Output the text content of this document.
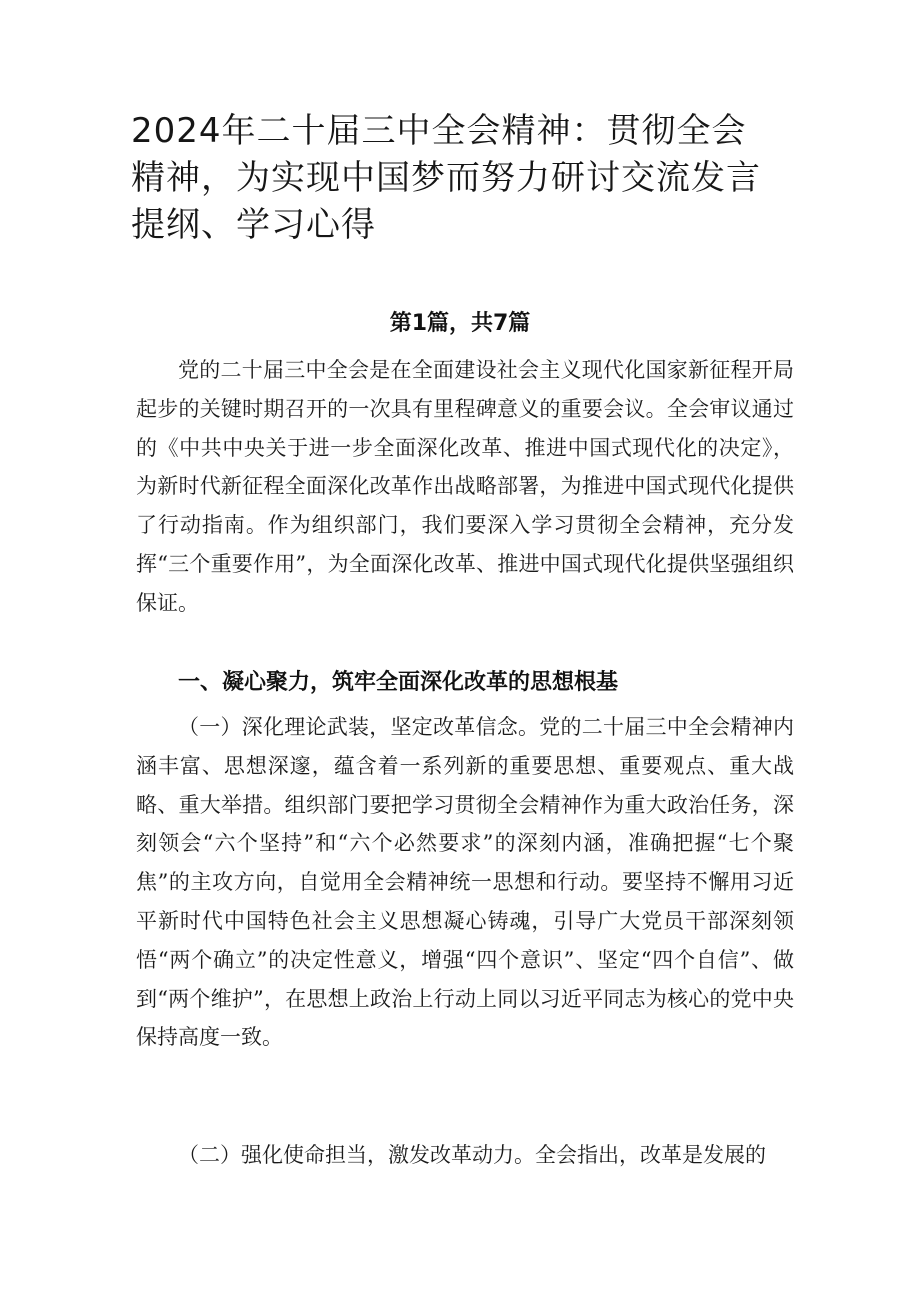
2024年二十届三中全会精神：贯彻全会精神，为实现中国梦而努力研讨交流发言提纲、学习心得
第1篇，共7篇

党的二十届三中全会是在全面建设社会主义现代化国家新征程开局起步的关键时期召开的一次具有里程碑意义的重要会议。全会审议通过的《中共中央关于进一步全面深化改革、推进中国式现代化的决定》，为新时代新征程全面深化改革作出战略部署，为推进中国式现代化提供了行动指南。作为组织部门，我们要深入学习贯彻全会精神，充分发挥“三个重要作用”，为全面深化改革、推进中国式现代化提供坚强组织保证。

一、凝心聚力，筑牢全面深化改革的思想根基

（一）深化理论武装，坚定改革信念。党的二十届三中全会精神内涵丰富、思想深邃，蕴含着一系列新的重要思想、重要观点、重大战略、重大举措。组织部门要把学习贯彻全会精神作为重大政治任务，深刻领会“六个坚持”和“六个必然要求”的深刻内涵，准确把握“七个聚焦”的主攻方向，自觉用全会精神统一思想和行动。要坚持不懈用习近平新时代中国特色社会主义思想凝心铸魂，引导广大党员干部深刻领悟“两个确立”的决定性意义，增强“四个意识”、坚定“四个自信”、做到“两个维护”，在思想上政治上行动上同以习近平同志为核心的党中央保持高度一致。

（二）强化使命担当，激发改革动力。全会指出，改革是发展的
